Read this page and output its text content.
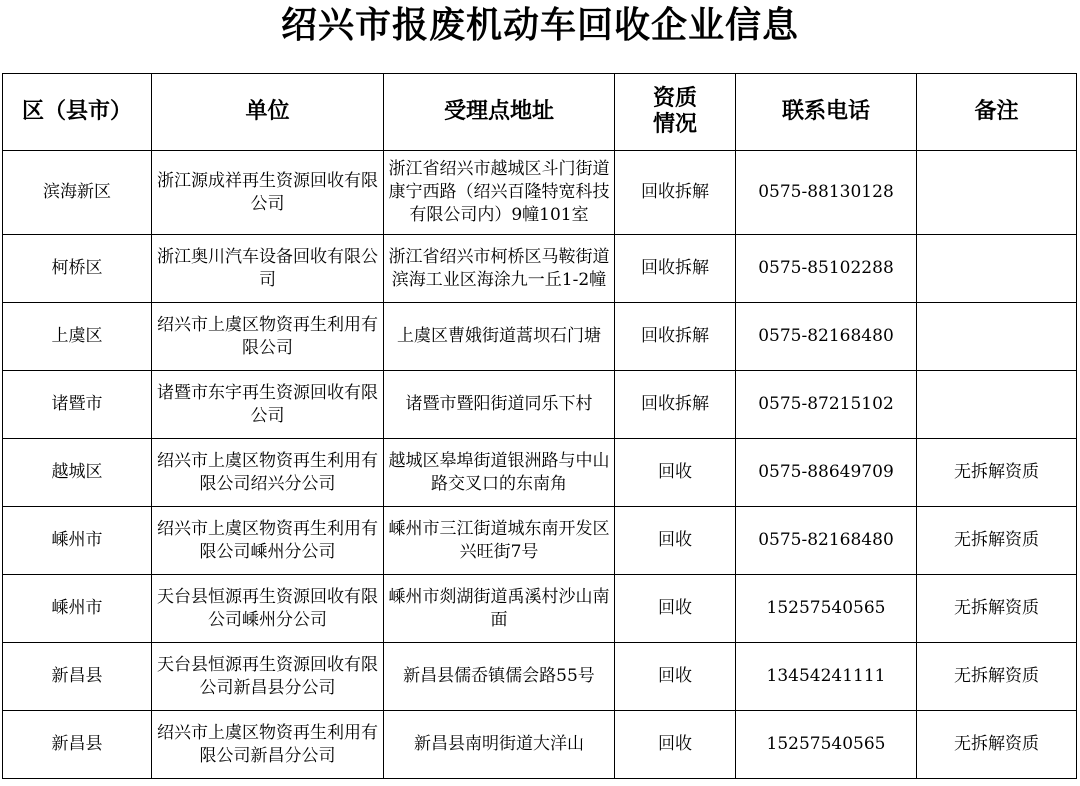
绍兴市报废机动车回收企业信息
区（县市）	单位	受理点地址	资质情况	联系电话	备注
滨海新区	浙江源成祥再生资源回收有限公司	浙江省绍兴市越城区斗门街道康宁西路（绍兴百隆特宽科技有限公司内）9幢101室	回收拆解	0575-88130128	
柯桥区	浙江奥川汽车设备回收有限公司	浙江省绍兴市柯桥区马鞍街道滨海工业区海涂九一丘1-2幢	回收拆解	0575-85102288	
上虞区	绍兴市上虞区物资再生利用有限公司	上虞区曹娥街道蒿坝石门塘	回收拆解	0575-82168480	
诸暨市	诸暨市东宇再生资源回收有限公司	诸暨市暨阳街道同乐下村	回收拆解	0575-87215102	
越城区	绍兴市上虞区物资再生利用有限公司绍兴分公司	越城区皋埠街道银洲路与中山路交叉口的东南角	回收	0575-88649709	无拆解资质
嵊州市	绍兴市上虞区物资再生利用有限公司嵊州分公司	嵊州市三江街道城东南开发区兴旺街7号	回收	0575-82168480	无拆解资质
嵊州市	天台县恒源再生资源回收有限公司嵊州分公司	嵊州市剡湖街道禹溪村沙山南面	回收	15257540565	无拆解资质
新昌县	天台县恒源再生资源回收有限公司新昌县分公司	新昌县儒岙镇儒会路55号	回收	13454241111	无拆解资质
新昌县	绍兴市上虞区物资再生利用有限公司新昌分公司	新昌县南明街道大洋山	回收	15257540565	无拆解资质
